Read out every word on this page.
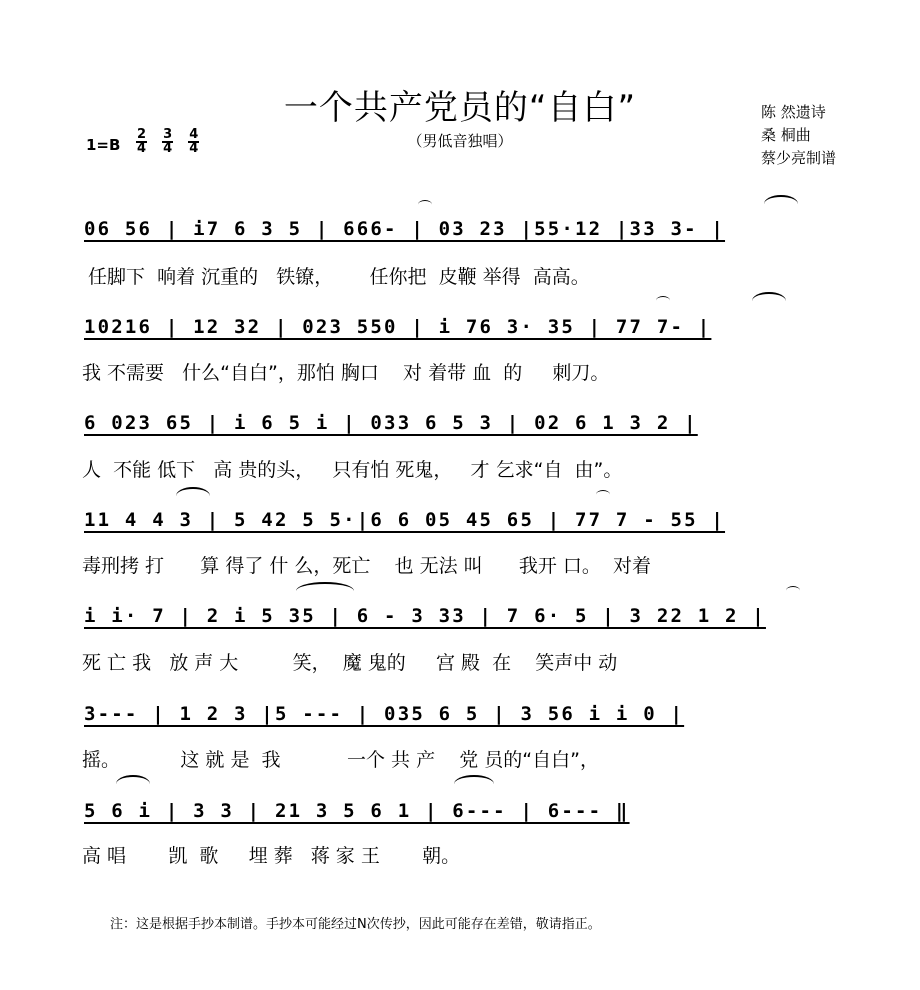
一个共产党员的“自白”
（男低音独唱）
$1=B \frac{2}{4}$
$\frac{3}{4}$
$\frac{4}{4}$
陈 然遗诗
桑 桐曲
蔡少亮制谱
06 56 | i7 6 3 5 | 666- | 03 23 |55·12 |33 3- |
任脚下  响着 沉重的   铁镣，      任你把  皮鞭 举得  高高。
10216 | 12 32 | 023 550 | i 76 3· 35 | 77 7- |
我 不需要   什么“自白”，那怕 胸口    对 着带 血  的     刺刀。
6 023 65 | i 6 5 i | 033 6 5 3 | 02 6 1 3 2 |
人  不能 低下   高 贵的头，   只有怕 死鬼，   才 乞求“自  由”。
11 4 4 3 | 5 42 5 5·|6 6 05 45 65 | 77 7 - 55 |
毒刑拷 打      算 得了 什 么，死亡    也 无法 叫      我开 口。  对着
i i· 7 | 2 i 5 35 | 6 - 3 33 | 7 6· 5 | 3 22 1 2 |
死 亡 我   放 声 大         笑，  魔 鬼的     宫 殿  在    笑声中 动
3--- | 1 2 3 |5 --- | 035 6 5 | 3 56 i i 0 |
摇。          这 就 是  我           一个 共 产    党 员的“自白”，
5 6 i | 3 3 | 21 3 5 6 1 | 6--- | 6--- ‖
高 唱       凯  歌     埋 葬   蒋 家 王       朝。
注：这是根据手抄本制谱。手抄本可能经过N次传抄，因此可能存在差错，敬请指正。
